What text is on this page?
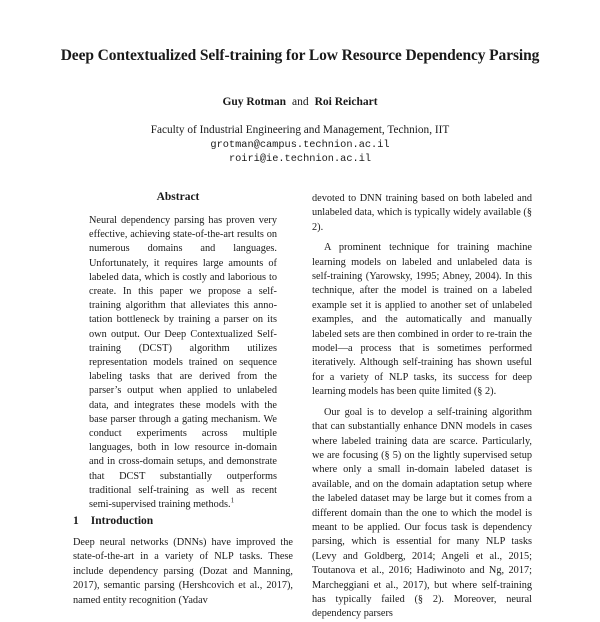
Deep Contextualized Self-training for Low Resource Dependency Parsing
Guy Rotman and Roi Reichart
Faculty of Industrial Engineering and Management, Technion, IIT
grotman@campus.technion.ac.il
roiri@ie.technion.ac.il
Abstract
Neural dependency parsing has proven very effective, achieving state-of-the-art results on numerous domains and languages. Unfortunately, it requires large amounts of labeled data, which is costly and laborious to create. In this paper we propose a self-training algorithm that alleviates this annotation bottleneck by training a parser on its own output. Our Deep Contextualized Self-training (DCST) algorithm utilizes representation models trained on sequence labeling tasks that are derived from the parser’s output when applied to unlabeled data, and integrates these models with the base parser through a gating mechanism. We conduct experiments across multiple languages, both in low resource in-domain and in cross-domain setups, and demonstrate that DCST substantially outperforms traditional self-training as well as recent semi-supervised training methods.$^1$
1 Introduction
Deep neural networks (DNNs) have improved the state-of-the-art in a variety of NLP tasks. These include dependency parsing (Dozat and Manning, 2017), semantic parsing (Hershcovich et al., 2017), named entity recognition (Yadav

devoted to DNN training based on both labeled and unlabeled data, which is typically widely available (§ 2).

A prominent technique for training machine learning models on labeled and unlabeled data is self-training (Yarowsky, 1995; Abney, 2004). In this technique, after the model is trained on a labeled example set it is applied to another set of unlabeled examples, and the automatically and manually labeled sets are then combined in order to re-train the model—a process that is sometimes performed iteratively. Although self-training has shown useful for a variety of NLP tasks, its success for deep learning models has been quite limited (§ 2).

Our goal is to develop a self-training algorithm that can substantially enhance DNN models in cases where labeled training data are scarce. Particularly, we are focusing (§ 5) on the lightly supervised setup where only a small in-domain labeled dataset is available, and on the domain adaptation setup where the labeled dataset may be large but it comes from a different domain than the one to which the model is meant to be applied. Our focus task is dependency parsing, which is essential for many NLP tasks (Levy and Goldberg, 2014; Angeli et al., 2015; Toutanova et al., 2016; Hadiwinoto and Ng, 2017; Marcheggiani et al., 2017), but where self-training has typically failed (§ 2). Moreover, neural dependency parsers
